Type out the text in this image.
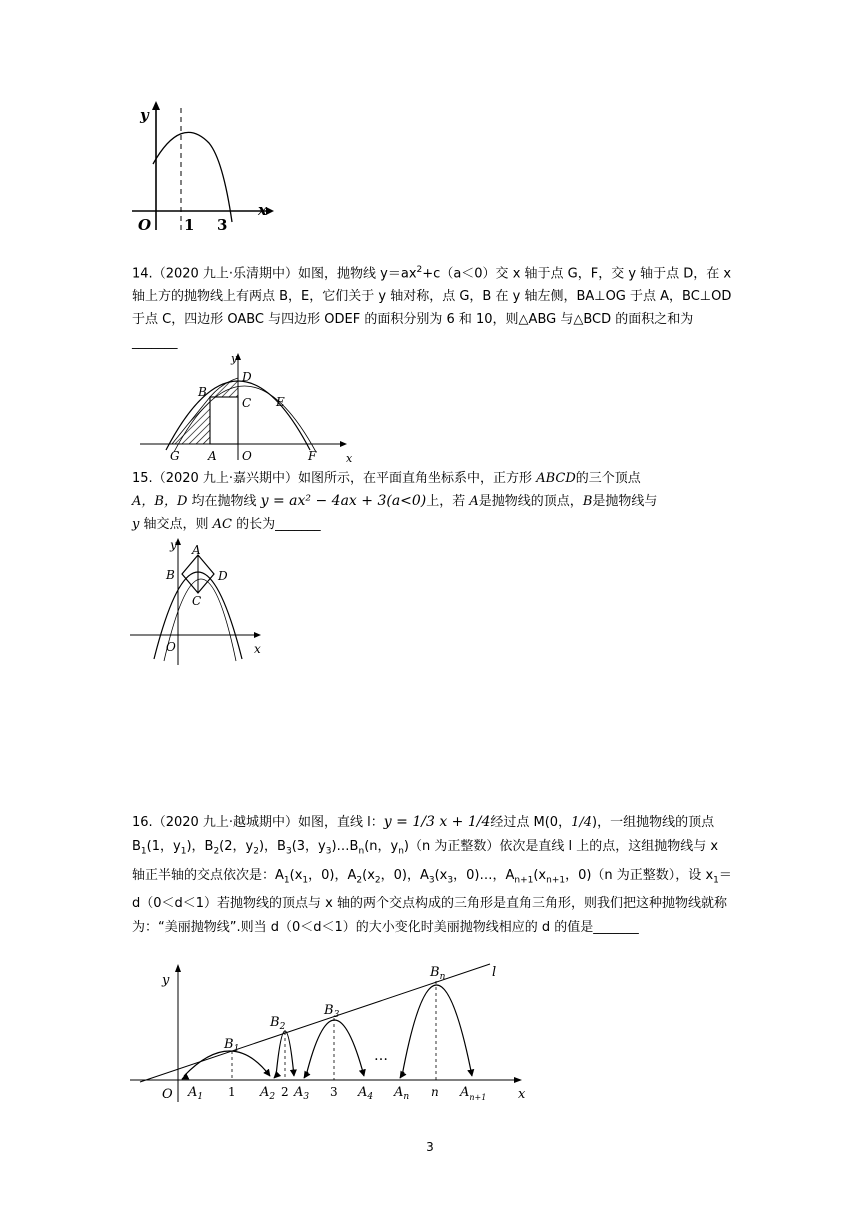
y
O
x
1 3

14.（2020 九上·乐清期中）如图，抛物线 $y=ax^2+c(a<0)$交 x 轴于点 G，F，交 y 轴于点 D，在 x 轴上方的抛物线上有两点 B，E，它们关于 y 轴对称，点 G，B 在 y 轴左侧，BA⊥OG 于点 A，BC⊥OD 于点 C，四边形 OABC 与四边形 ODEF 的面积分别为 6 和 10，则△ABG 与△BCD 的面积之和为_______

y
x
B
D
C E
G A O	F

15.（2020 九上·嘉兴期中）如图所示，在平面直角坐标系中，正方形 ABCD的三个顶点

A，B，D 均在抛物线 y = ax² − 4ax + 3(a<0)上，若 A是抛物线的顶点，B是抛物线与

y 轴交点，则 AC 的长为_______

y A
B	D
C
O	x

16.（2020 九上·越城期中）如图，直线 l：y = 1/3 x + 1/4经过点 M(0，1/4)，一组抛物线的顶点 $B_1(1$，$y_1$)，$B_2(2$，$y_2$)，$B_3(3$，$y_3)\dots B_n(n$，$y_n)(n$ 为正整数）依次是直线 l 上的点，这组抛物线与 x 轴正半轴的交点依次是：$A_1(x_1$，0)，$A_2(x_2$，0)，$A_3(x_3$，0)…，$A_{n+1}(x_{n+1}$，0)（n 为正整数），设 $x_1=d(0<d<1)$若抛物线的顶点与 x 轴的两个交点构成的三角形是直角三角形，则我们把这种抛物线就称为：“美丽抛物线”.则当 d（0＜d＜1）的大小变化时美丽抛物线相应的 d 的值是_______

y
l
x
O
$B_1$
$B_2$
$B_3$
$B_n$
$A_1$	$A_2$ $A_3$	$A_4$ $A_n$	$A_{n+1}$
1	2	3	n
…
3
